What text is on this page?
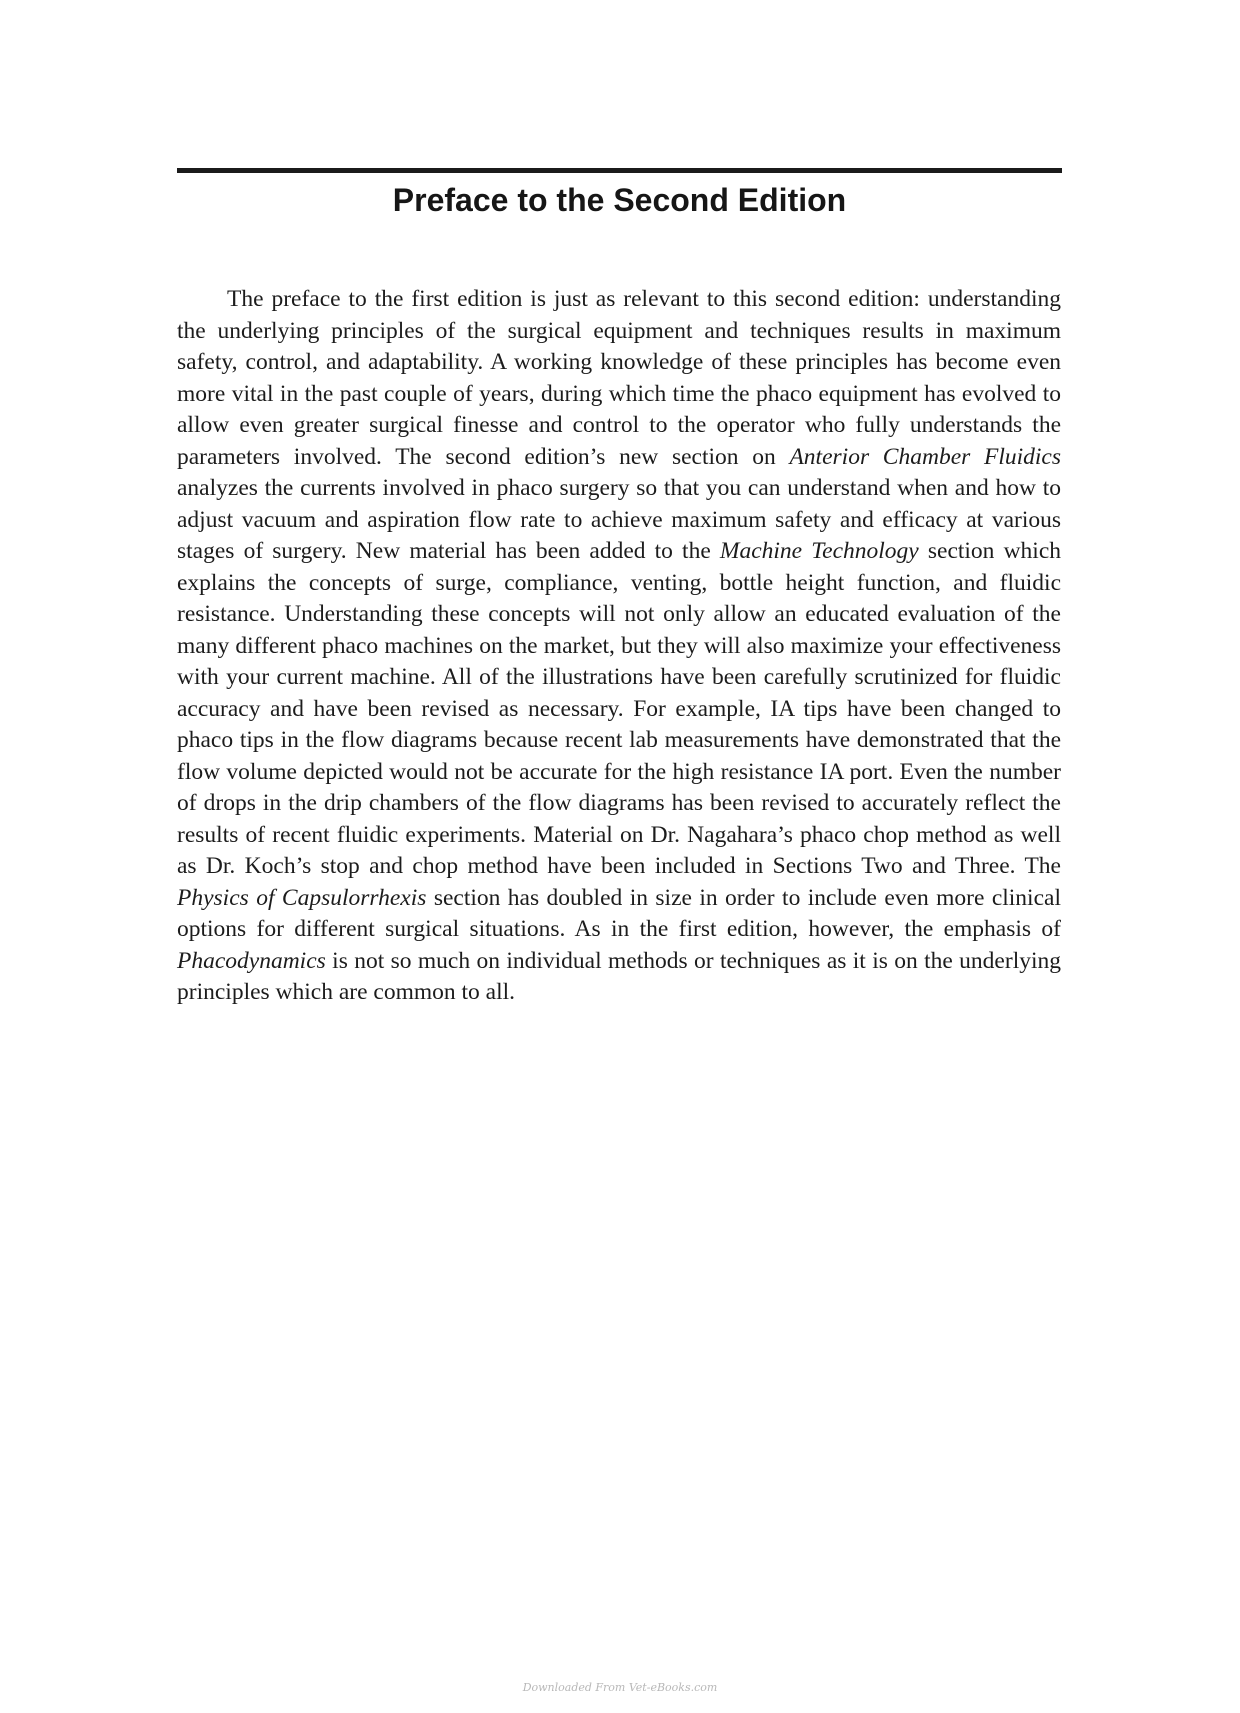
Preface to the Second Edition

The preface to the first edition is just as relevant to this second edition: understanding the underlying principles of the surgical equipment and techniques results in maximum safety, control, and adaptability. A working knowledge of these principles has become even more vital in the past couple of years, during which time the phaco equipment has evolved to allow even greater surgical finesse and control to the operator who fully understands the parameters involved. The second edition’s new section on Anterior Chamber Fluidics analyzes the currents involved in phaco surgery so that you can understand when and how to adjust vacuum and aspiration flow rate to achieve maximum safety and efficacy at various stages of surgery. New material has been added to the Machine Technology section which explains the concepts of surge, compliance, venting, bottle height function, and fluidic resistance. Understanding these concepts will not only allow an educated evaluation of the many different phaco machines on the market, but they will also maximize your effectiveness with your current machine. All of the illustrations have been carefully scrutinized for fluidic accuracy and have been revised as necessary. For example, IA tips have been changed to phaco tips in the flow diagrams because recent lab measurements have demonstrated that the flow volume depicted would not be accurate for the high resistance IA port. Even the number of drops in the drip chambers of the flow diagrams has been revised to accurately reflect the results of recent fluidic experiments. Material on Dr. Nagahara’s phaco chop method as well as Dr. Koch’s stop and chop method have been included in Sections Two and Three. The Physics of Capsulorrhexis section has doubled in size in order to include even more clinical options for different surgical situations. As in the first edition, however, the emphasis of Phacodynamics is not so much on individual methods or techniques as it is on the underlying principles which are common to all.

Downloaded From Vet-eBooks.com
